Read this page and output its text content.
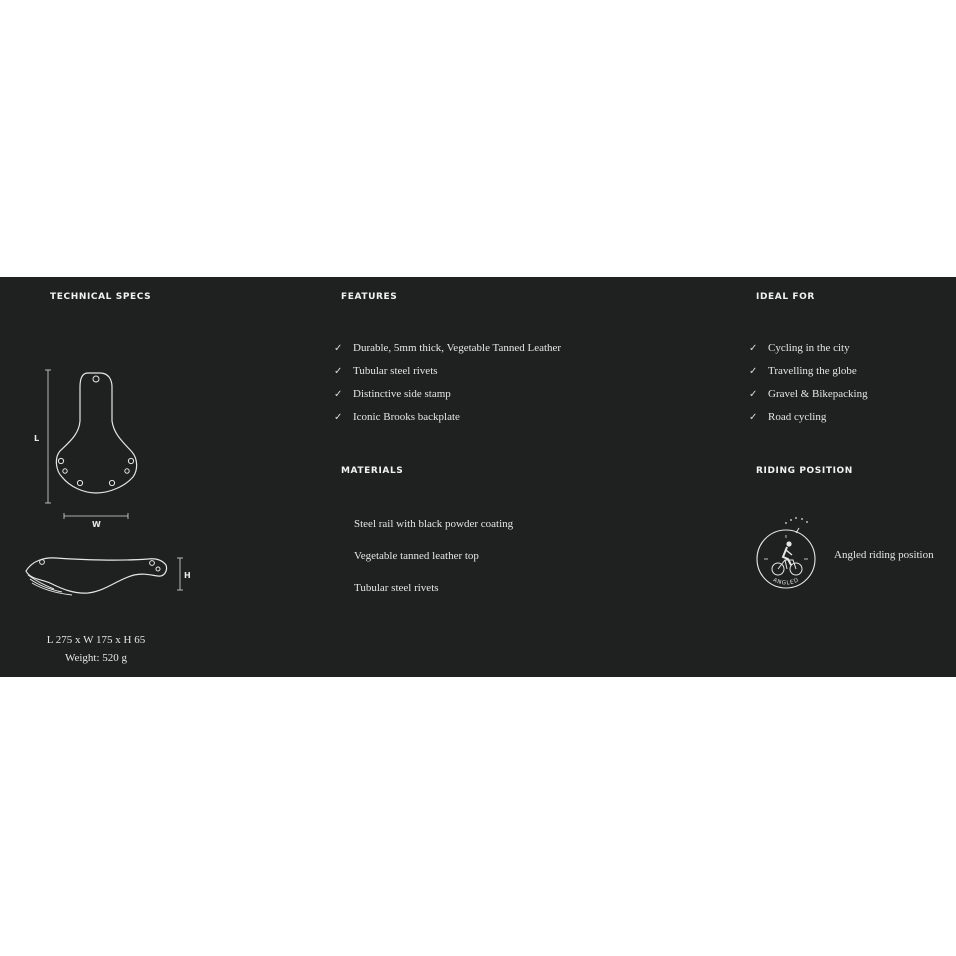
TECHNICAL SPECS
L
W
H
L 275 x W 175 x H 65
Weight: 520 g
FEATURES
✓ Durable, 5mm thick, Vegetable Tanned Leather
✓ Tubular steel rivets
✓ Distinctive side stamp
✓ Iconic Brooks backplate
MATERIALS
Steel rail with black powder coating
Vegetable tanned leather top
Tubular steel rivets
IDEAL FOR
✓ Cycling in the city
✓ Travelling the globe
✓ Gravel & Bikepacking
✓ Road cycling
RIDING POSITION
ANGLED
Angled riding position
